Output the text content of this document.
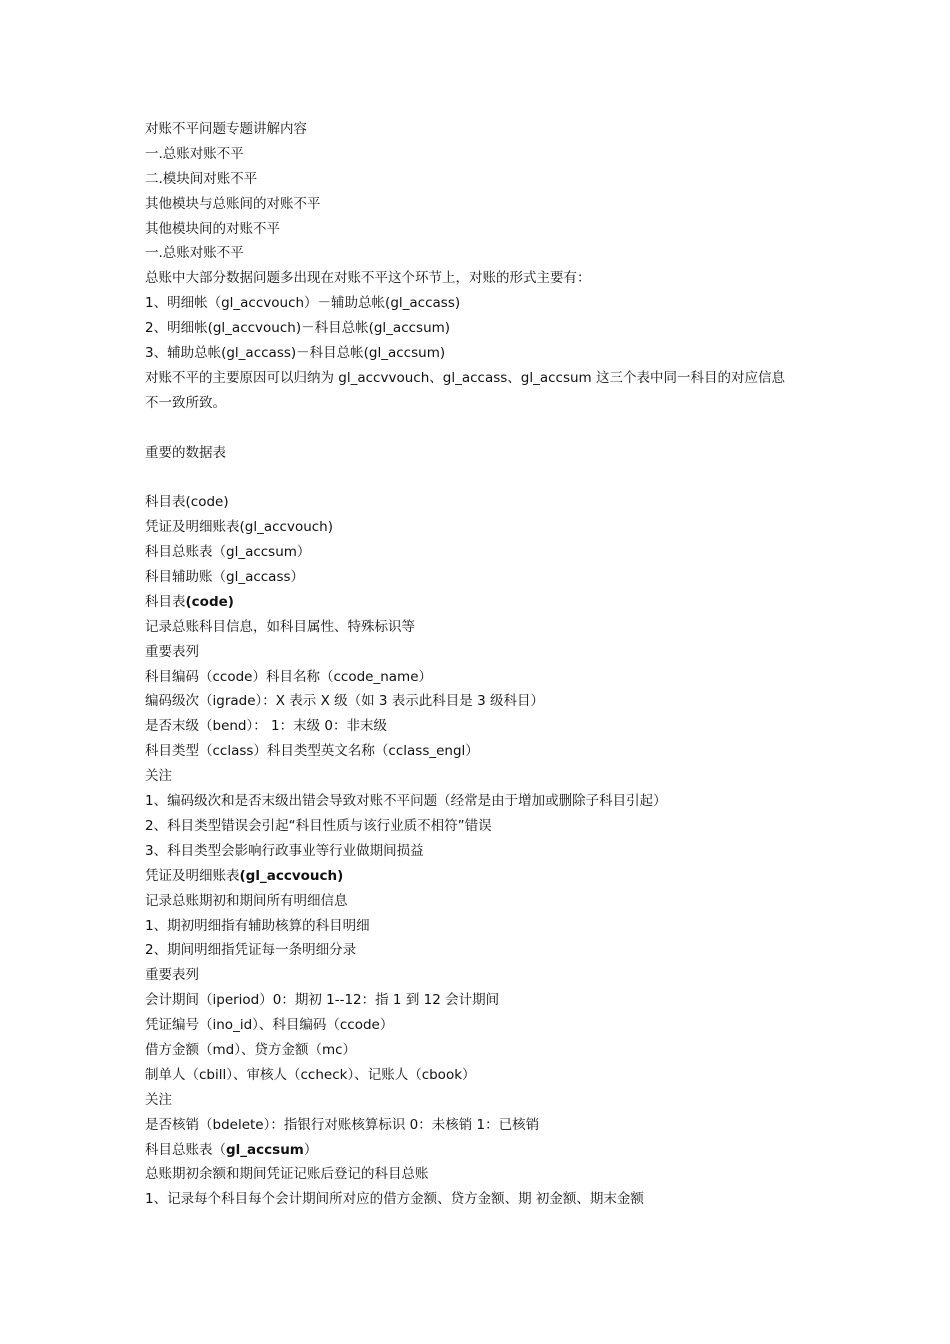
对账不平问题专题讲解内容
一.总账对账不平
二.模块间对账不平
其他模块与总账间的对账不平
其他模块间的对账不平
一.总账对账不平
总账中大部分数据问题多出现在对账不平这个环节上，对账的形式主要有：
1、明细帐（gl_accvouch）－辅助总帐(gl_accass)
2、明细帐(gl_accvouch)－科目总帐(gl_accsum)
3、辅助总帐(gl_accass)－科目总帐(gl_accsum)
对账不平的主要原因可以归纳为 gl_accvvouch、gl_accass、gl_accsum 这三个表中同一科目的对应信息
不一致所致。
重要的数据表
科目表(code)
凭证及明细账表(gl_accvouch)
科目总账表（gl_accsum）
科目辅助账（gl_accass）
科目表(code)
记录总账科目信息，如科目属性、特殊标识等
重要表列
科目编码（ccode）科目名称（ccode_name）
编码级次（igrade）：X 表示 X 级（如 3 表示此科目是 3 级科目）
是否末级（bend）： 1：末级 0：非末级
科目类型（cclass）科目类型英文名称（cclass_engl）
关注
1、编码级次和是否末级出错会导致对账不平问题（经常是由于增加或删除子科目引起）
2、科目类型错误会引起“科目性质与该行业质不相符”错误
3、科目类型会影响行政事业等行业做期间损益
凭证及明细账表(gl_accvouch)
记录总账期初和期间所有明细信息
1、期初明细指有辅助核算的科目明细
2、期间明细指凭证每一条明细分录
重要表列
会计期间（iperiod）0：期初 1--12：指 1 到 12 会计期间
凭证编号（ino_id）、科目编码（ccode）
借方金额（md）、贷方金额（mc）
制单人（cbill）、审核人（ccheck）、记账人（cbook）
关注
是否核销（bdelete）：指银行对账核算标识 0：未核销 1：已核销
科目总账表（gl_accsum）
总账期初余额和期间凭证记账后登记的科目总账
1、记录每个科目每个会计期间所对应的借方金额、贷方金额、期 初金额、期末金额
